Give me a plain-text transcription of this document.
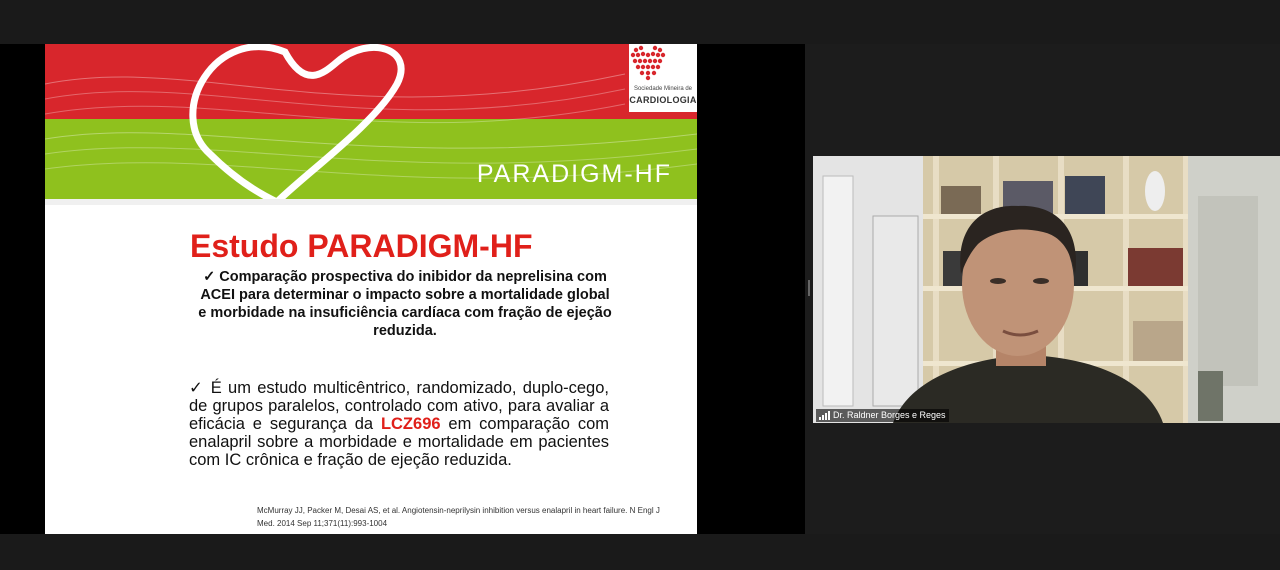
PARADIGM-HF
Sociedade Mineira de
CARDIOLOGIA
Estudo PARADIGM-HF
✓ Comparação prospectiva do inibidor da neprelisina com ACEI para determinar o impacto sobre a mortalidade global e morbidade na insuficiência cardíaca com fração de ejeção reduzida.
✓ É um estudo multicêntrico, randomizado, duplo-cego, de grupos paralelos, controlado com ativo, para avaliar a eficácia e segurança da LCZ696 em comparação com enalapril sobre a morbidade e mortalidade em pacientes com IC crônica e fração de ejeção reduzida.
McMurray JJ, Packer M, Desai AS, et al. Angiotensin-neprilysin inhibition versus enalapril in heart failure. N Engl J Med. 2014 Sep 11;371(11):993-1004
Dr. Raldner Borges e Reges
